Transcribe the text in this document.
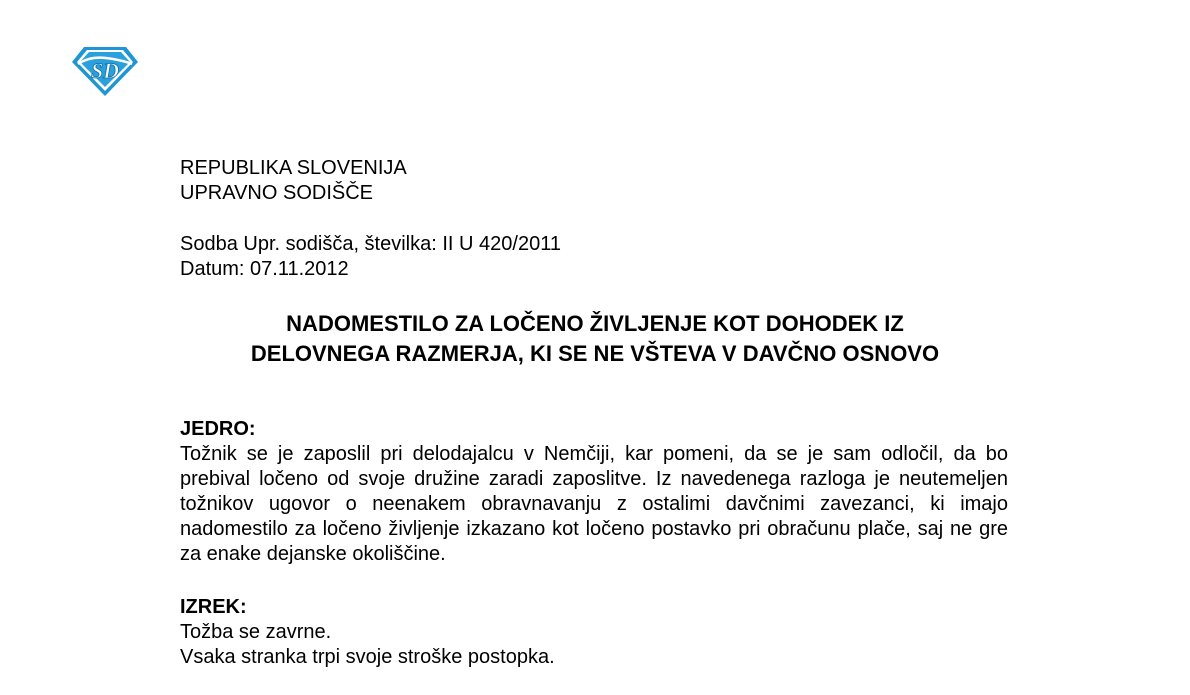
SD
REPUBLIKA SLOVENIJA
UPRAVNO SODIŠČE
Sodba Upr. sodišča, številka: II U 420/2011
Datum: 07.11.2012
NADOMESTILO ZA LOČENO ŽIVLJENJE KOT DOHODEK IZ
DELOVNEGA RAZMERJA, KI SE NE VŠTEVA V DAVČNO OSNOVO
JEDRO:
Tožnik se je zaposlil pri delodajalcu v Nemčiji, kar pomeni, da se je sam odločil, da bo prebival ločeno od svoje družine zaradi zaposlitve. Iz navedenega razloga je neutemeljen tožnikov ugovor o neenakem obravnavanju z ostalimi davčnimi zavezanci, ki imajo nadomestilo za ločeno življenje izkazano kot ločeno postavko pri obračunu plače, saj ne gre za enake dejanske okoliščine.
IZREK:
Tožba se zavrne.
Vsaka stranka trpi svoje stroške postopka.
